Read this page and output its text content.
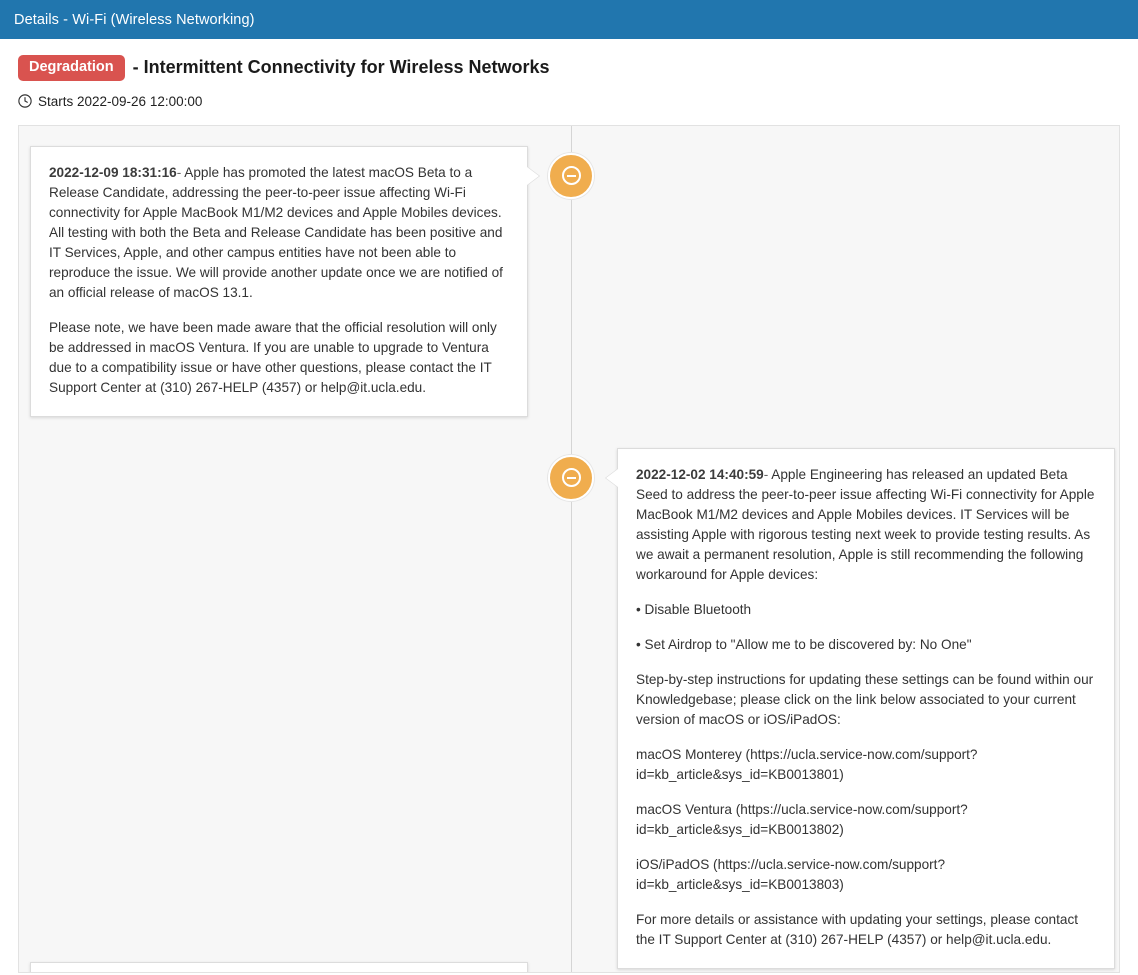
Details - Wi-Fi (Wireless Networking)
Degradation	- Intermittent Connectivity for Wireless Networks
Starts 2022-09-26 12:00:00

2022-12-09 18:31:16- Apple has promoted the latest macOS Beta to a Release Candidate, addressing the peer-to-peer issue affecting Wi-Fi connectivity for Apple MacBook M1/M2 devices and Apple Mobiles devices. All testing with both the Beta and Release Candidate has been positive and IT Services, Apple, and other campus entities have not been able to reproduce the issue. We will provide another update once we are notified of an official release of macOS 13.1.

Please note, we have been made aware that the official resolution will only be addressed in macOS Ventura. If you are unable to upgrade to Ventura due to a compatibility issue or have other questions, please contact the IT Support Center at (310) 267-HELP (4357) or help@it.ucla.edu.

2022-12-02 14:40:59- Apple Engineering has released an updated Beta Seed to address the peer-to-peer issue affecting Wi-Fi connectivity for Apple MacBook M1/M2 devices and Apple Mobiles devices. IT Services will be assisting Apple with rigorous testing next week to provide testing results. As we await a permanent resolution, Apple is still recommending the following workaround for Apple devices:

• Disable Bluetooth

• Set Airdrop to "Allow me to be discovered by: No One"

Step-by-step instructions for updating these settings can be found within our Knowledgebase; please click on the link below associated to your current version of macOS or iOS/iPadOS:

macOS Monterey (https://ucla.service-now.com/support?id=kb_article&sys_id=KB0013801)

macOS Ventura (https://ucla.service-now.com/support?id=kb_article&sys_id=KB0013802)

iOS/iPadOS (https://ucla.service-now.com/support?id=kb_article&sys_id=KB0013803)

For more details or assistance with updating your settings, please contact the IT Support Center at (310) 267-HELP (4357) or help@it.ucla.edu.
